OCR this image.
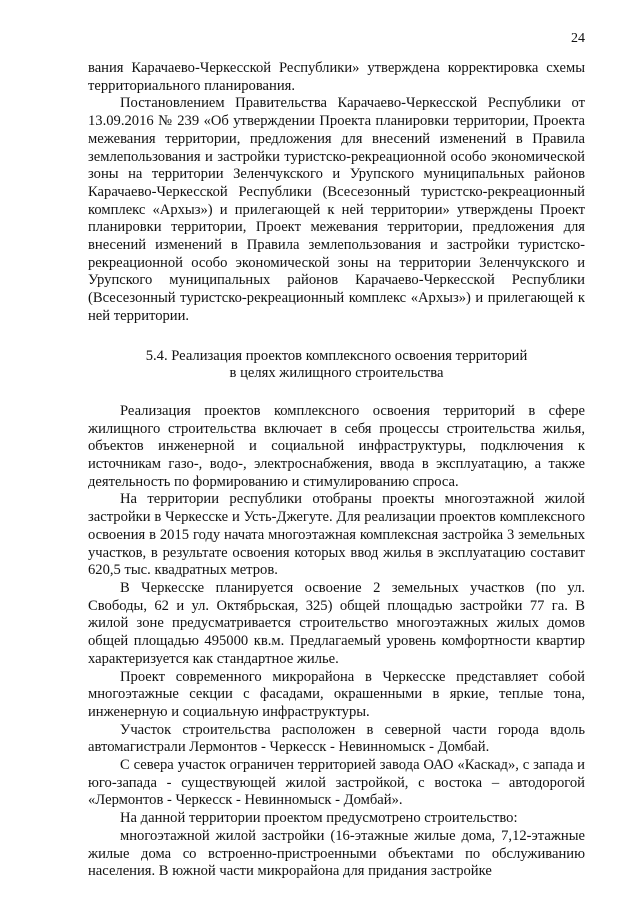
24

вания Карачаево-Черкесской Республики» утверждена корректировка схемы территориального планирования.

Постановлением Правительства Карачаево-Черкесской Республики от 13.09.2016 № 239 «Об утверждении Проекта планировки территории, Проекта межевания территории, предложения для внесений изменений в Правила землепользования и застройки туристско-рекреационной особо экономической зоны на территории Зеленчукского и Урупского муниципальных районов Карачаево-Черкесской Республики (Всесезонный туристско-рекреационный комплекс «Архыз») и прилегающей к ней территории» утверждены Проект планировки территории, Проект межевания территории, предложения для внесений изменений в Правила землепользования и застройки туристско-рекреационной особо экономической зоны на территории Зеленчукского и Урупского муниципальных районов Карачаево-Черкесской Республики (Всесезонный туристско-рекреационный комплекс «Архыз») и прилегающей к ней территории.

5.4. Реализация проектов комплексного освоения территорий
в целях жилищного строительства

Реализация проектов комплексного освоения территорий в сфере жилищного строительства включает в себя процессы строительства жилья, объектов инженерной и социальной инфраструктуры, подключения к источникам газо-, водо-, электроснабжения, ввода в эксплуатацию, а также деятельность по формированию и стимулированию спроса.

На территории республики отобраны проекты многоэтажной жилой застройки в Черкесске и Усть-Джегуте. Для реализации проектов комплексного освоения в 2015 году начата многоэтажная комплексная застройка 3 земельных участков, в результате освоения которых ввод жилья в эксплуатацию составит 620,5 тыс. квадратных метров.

В Черкесске планируется освоение 2 земельных участков (по ул. Свободы, 62 и ул. Октябрьская, 325) общей площадью застройки 77 га. В жилой зоне предусматривается строительство многоэтажных жилых домов общей площадью 495000 кв.м. Предлагаемый уровень комфортности квартир характеризуется как стандартное жилье.

Проект современного микрорайона в Черкесске представляет собой многоэтажные секции с фасадами, окрашенными в яркие, теплые тона, инженерную и социальную инфраструктуры.

Участок строительства расположен в северной части города вдоль автомагистрали Лермонтов - Черкесск - Невинномыск - Домбай.

С севера участок ограничен территорией завода ОАО «Каскад», с запада и юго-запада - существующей жилой застройкой, с востока – автодорогой «Лермонтов - Черкесск - Невинномыск - Домбай».

На данной территории проектом предусмотрено строительство:

многоэтажной жилой застройки (16-этажные жилые дома, 7,12-этажные жилые дома со встроенно-пристроенными объектами по обслуживанию населения. В южной части микрорайона для придания застройке
